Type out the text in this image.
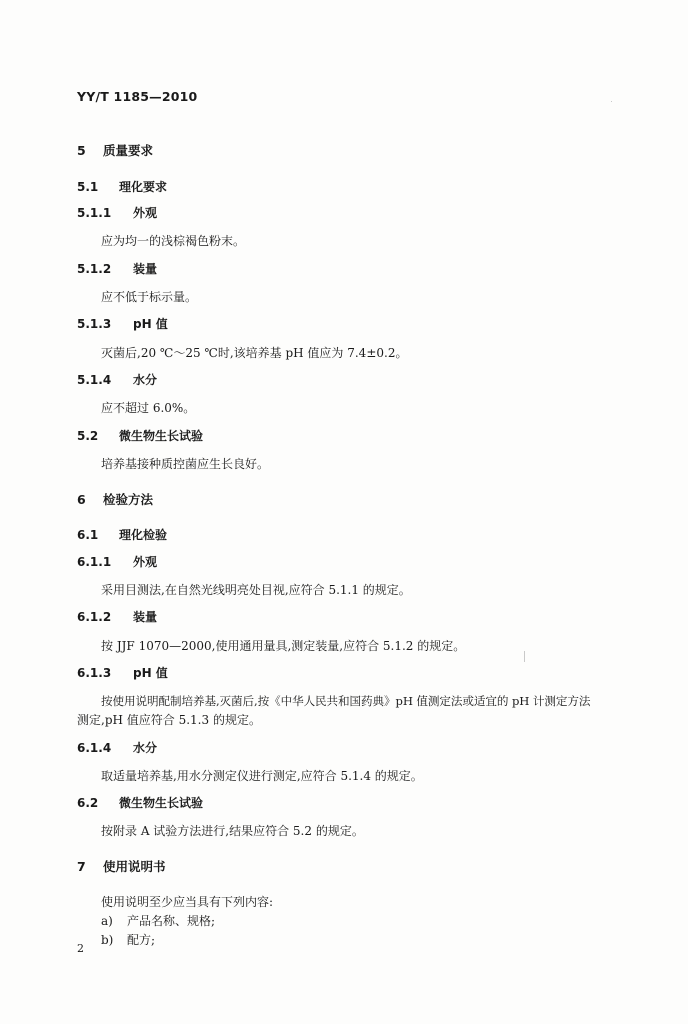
YY/T 1185—2010
5 质量要求
5.1 理化要求
5.1.1 外观
应为均一的浅棕褐色粉末。
5.1.2 装量
应不低于标示量。
5.1.3 pH 值
灭菌后,20 ℃～25 ℃时,该培养基 pH 值应为 7.4±0.2。
5.1.4 水分
应不超过 6.0%。
5.2 微生物生长试验
培养基接种质控菌应生长良好。
6 检验方法
6.1 理化检验
6.1.1 外观
采用目测法,在自然光线明亮处目视,应符合 5.1.1 的规定。
6.1.2 装量
按 JJF 1070—2000,使用通用量具,测定装量,应符合 5.1.2 的规定。
6.1.3 pH 值
按使用说明配制培养基,灭菌后,按《中华人民共和国药典》pH 值测定法或适宜的 pH 计测定方法
测定,pH 值应符合 5.1.3 的规定。
6.1.4 水分
取适量培养基,用水分测定仪进行测定,应符合 5.1.4 的规定。
6.2 微生物生长试验
按附录 A 试验方法进行,结果应符合 5.2 的规定。
7 使用说明书
使用说明至少应当具有下列内容:
a) 产品名称、规格;
b) 配方;
2
